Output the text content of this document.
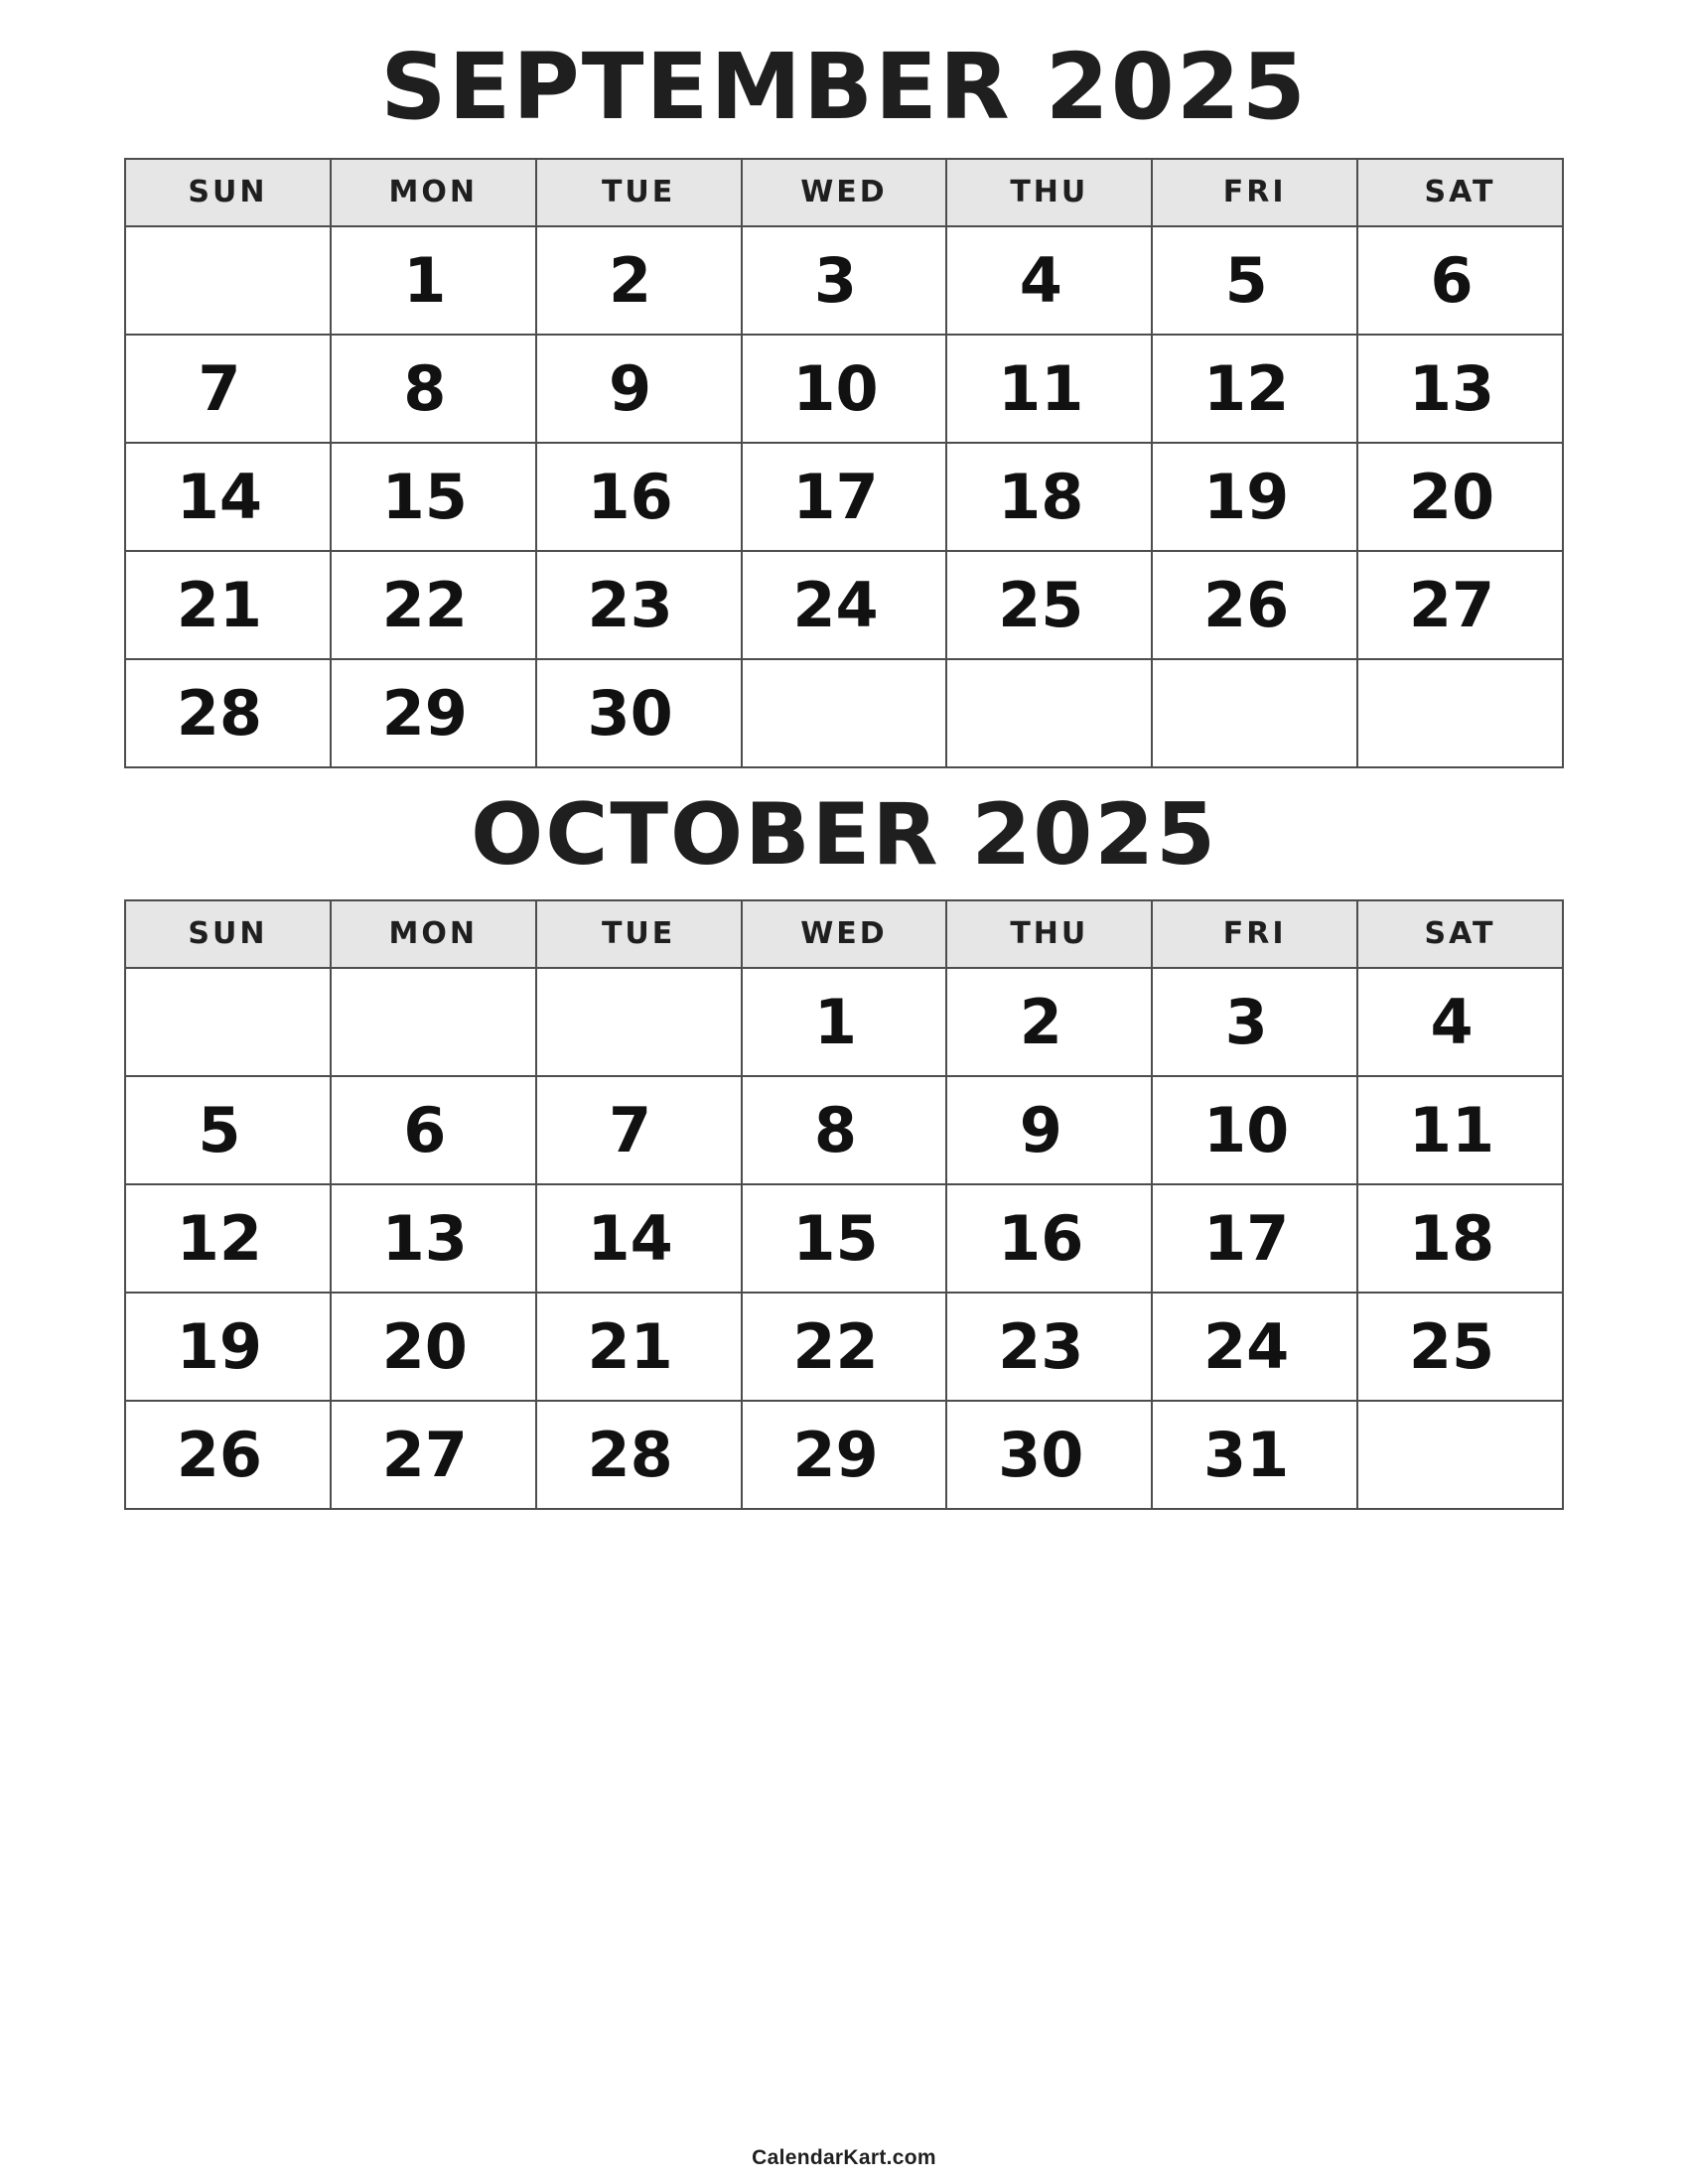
SEPTEMBER 2025
SUN	MON	TUE	WED	THU	FRI	SAT
	1	2	3	4	5	6
7	8	9	10	11	12	13
14	15	16	17	18	19	20
21	22	23	24	25	26	27
28	29	30				
OCTOBER 2025
SUN	MON	TUE	WED	THU	FRI	SAT
			1	2	3	4
5	6	7	8	9	10	11
12	13	14	15	16	17	18
19	20	21	22	23	24	25
26	27	28	29	30	31	
CalendarKart.com
